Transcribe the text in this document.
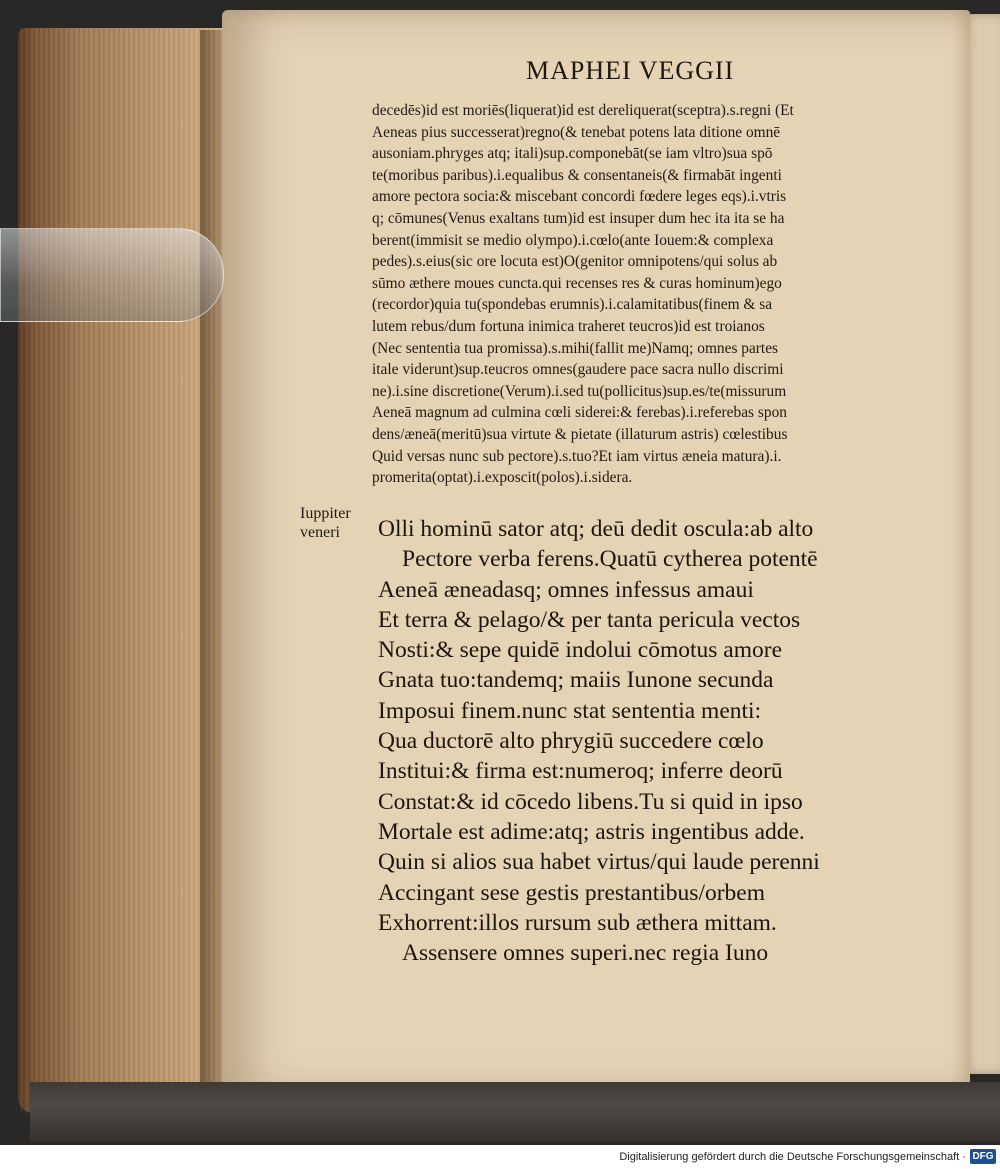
MAPHEI VEGGII
decedēs)id est moriēs(liquerat)id est dereliquerat(sceptra).s.regni (Et
Aeneas pius successerat)regno(& tenebat potens lata ditione omnē
ausoniam.phryges atq; itali)sup.componebāt(se iam vltro)sua spō
te(moribus paribus).i.equalibus & consentaneis(& firmabāt ingenti
amore pectora socia:& miscebant concordi fœdere leges eqs).i.vtris
q; cōmunes(Venus exaltans tum)id est insuper dum hec ita ita se ha
berent(immisit se medio olympo).i.cœlo(ante Iouem:& complexa
pedes).s.eius(sic ore locuta est)O(genitor omnipotens/qui solus ab
sūmo æthere moues cuncta.qui recenses res & curas hominum)ego
(recordor)quia tu(spondebas erumnis).i.calamitatibus(finem & sa
lutem rebus/dum fortuna inimica traheret teucros)id est troianos
(Nec sententia tua promissa).s.mihi(fallit me)Namq; omnes partes
itale viderunt)sup.teucros omnes(gaudere pace sacra nullo discrimi
ne).i.sine discretione(Verum).i.sed tu(pollicitus)sup.es/te(missurum
Aeneā magnum ad culmina cœli siderei:& ferebas).i.referebas spon
dens/æneā(meritū)sua virtute & pietate (illaturum astris) cœlestibus
Quid versas nunc sub pectore).s.tuo?Et iam virtus æneia matura).i.
promerita(optat).i.exposcit(polos).i.sidera.
Iuppiter
veneri	Olli hominū sator atq; deū dedit oscula:ab alto
Pectore verba ferens.Quatū cytherea potentē
Aeneā æneadasq; omnes infessus amaui
Et terra & pelago/& per tanta pericula vectos
Nosti:& sepe quidē indolui cōmotus amore
Gnata tuo:tandemq; maiis Iunone secunda
Imposui finem.nunc stat sententia menti:
Qua ductorē alto phrygiū succedere cœlo
Institui:& firma est:numeroq; inferre deorū
Constat:& id cōcedo libens.Tu si quid in ipso
Mortale est adime:atq; astris ingentibus adde.
Quin si alios sua habet virtus/qui laude perenni
Accingant sese gestis prestantibus/orbem
Exhorrent:illos rursum sub æthera mittam.
Assensere omnes superi.nec regia Iuno
Digitalisierung gefördert durch die Deutsche Forschungsgemeinschaft · DFG
